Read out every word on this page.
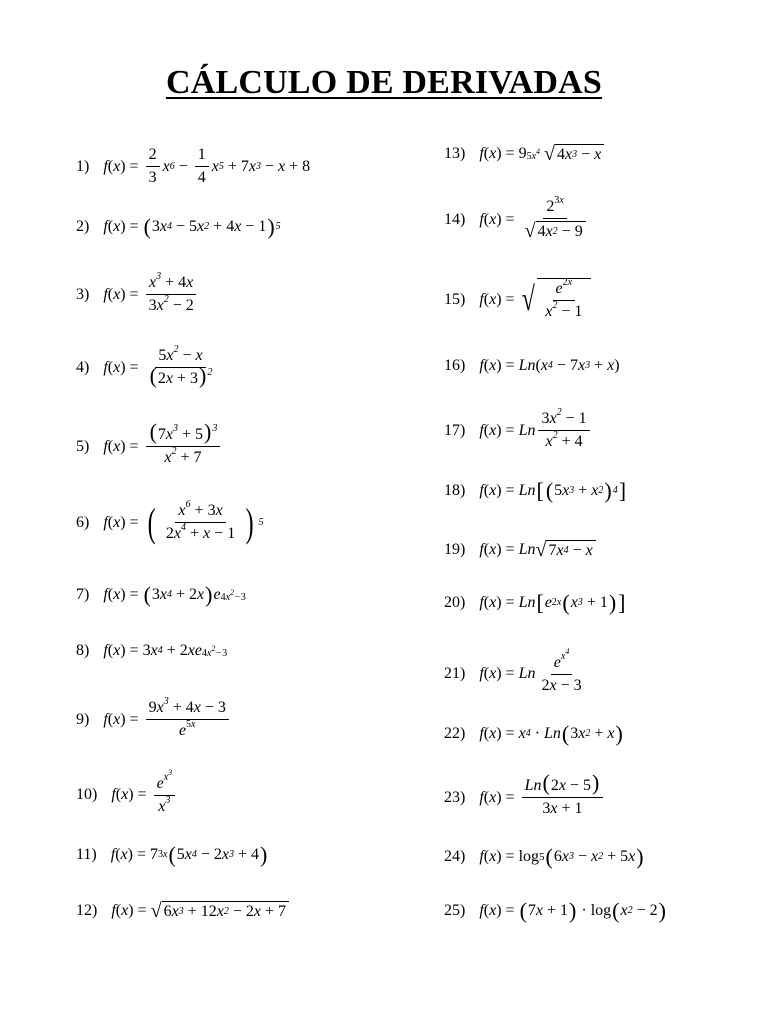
CÁLCULO DE DERIVADAS
1) f ( x ) = $\frac{2}{3}$ x $6 - \frac{1}{4}$ x 5 + 7 x 3 − x + 8
2) f ( x ) = ( 3 x 4 − 5 x 2 + 4 x − 1 ) 5
3) f ( x ) = $\frac{x^3 + 4x}{3x^2 - 2}$
4) f ( x ) = $\frac{5x^2 - x}{(2x + 3)^2}$
5) f ( x ) = $\frac{(7x^3 + 5)^3}{x^2 + 7}$
6) f ( x ) = ( $\frac{x^6 + 3x}{2x^4 + x - 1}$ ) 5
7) f ( x ) = ( 3 x 4 + 2 x ) e $4x^2-3$
8) f ( x ) = 3 x 4 + 2 xe $4x^2-3$
9) f ( x ) = $\frac{9x^3 + 4x - 3}{e^{5x}}$
10) f ( x ) = $\frac{e^{x^3}}{x^3}$
11) f ( x ) = 7 3x ( 5 x 4 − 2 x 3 + 4 )
12) f ( x ) = √ 6 x 3 + 12 x 2 − 2 x + 7
13) f ( x ) = 9 $5x^4$ √ 4 x 3 − x
14) f ( x ) = $\frac{2^{3x}}{√ 4 x 2 - 9}$
15) f ( x ) = √ $\frac{e^{2x}}{x^2 - 1}$
16) f ( x ) = Ln ( x 4 − 7 x 3 + x )
17) f ( x ) = Ln $\frac{3x^2 - 1}{x^2 + 4}$
18) f ( x ) = Ln [ ( 5 x 3 + x 2 ) 4 ]
19) f ( x ) = Ln √ 7 x 4 − x
20) f ( x ) = Ln [ e 2x ( x 3 + 1 ) ]
21) f ( x ) = Ln $\frac{e^{x^4}}{2x - 3}$
22) f ( x ) = x 4 · Ln ( 3 x 2 + x )
23) f ( x ) = $\frac{Ln(2x - 5)}{3x + 1}$
24) f ( x ) = log 5 ( 6 x 3 − x 2 + 5 x )
25) f ( x ) = ( 7 x + 1 ) · log ( x 2 − 2 )
